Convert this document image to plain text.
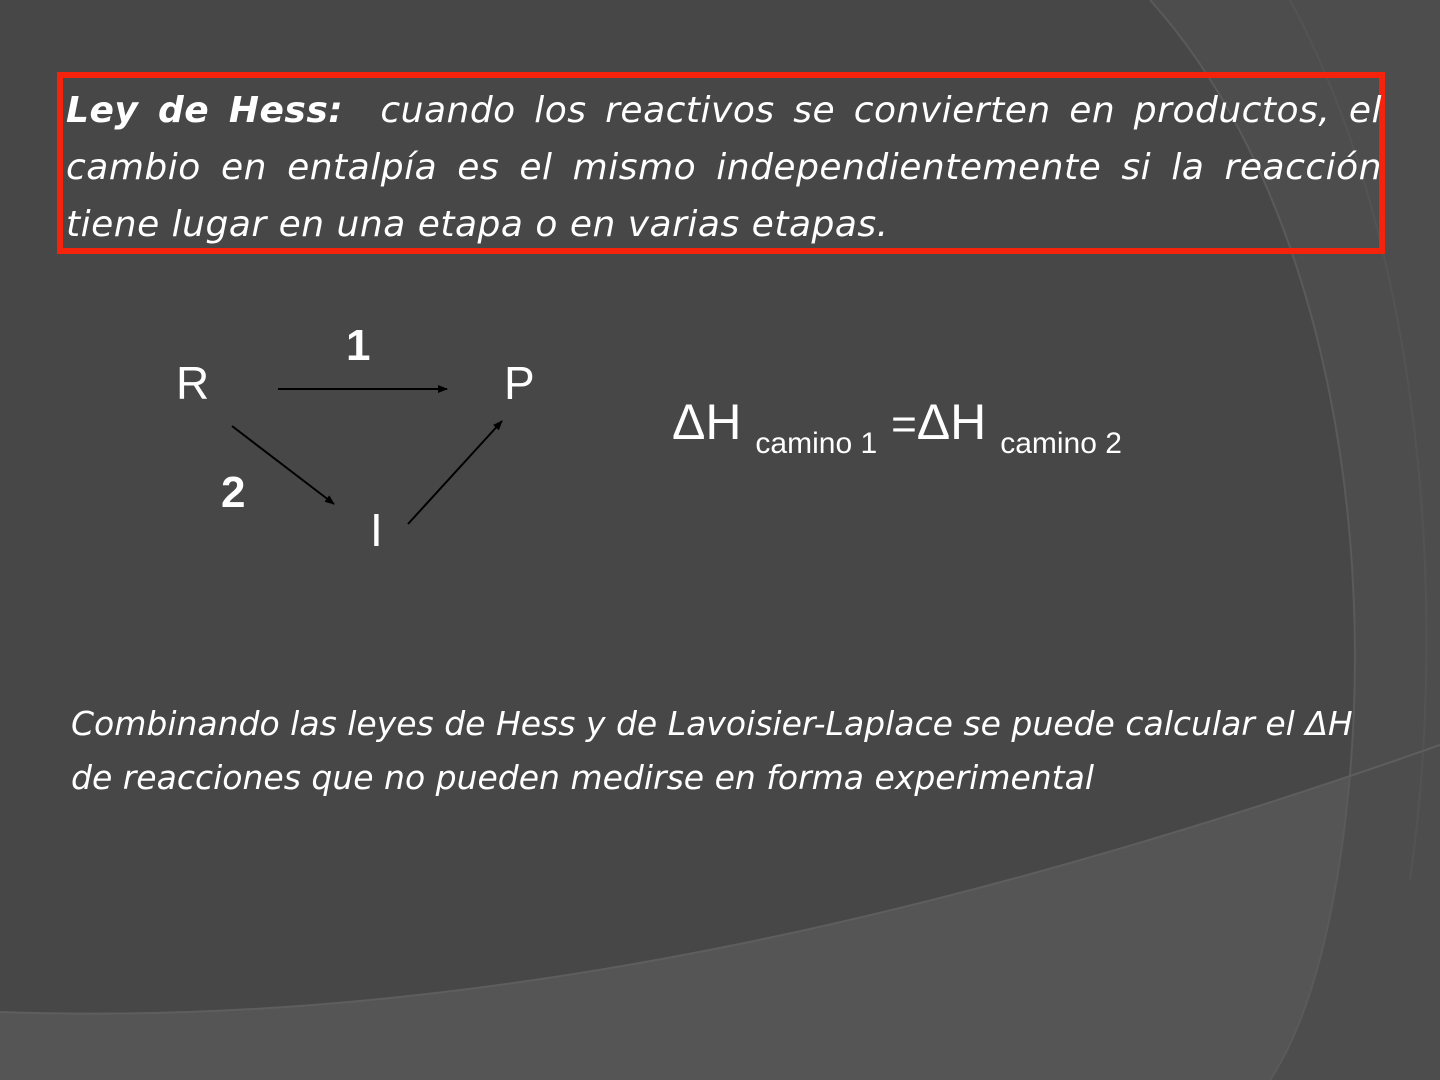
Ley de Hess: cuando los reactivos se convierten en productos, el cambio en entalpía es el mismo independientemente si la reacción tiene lugar en una etapa o en varias etapas.

R	P
I
1
2
ΔH $_{camino 1}$ =ΔH $_{camino 2}$

Combinando las leyes de Hess y de Lavoisier-Laplace se puede calcular el ΔH de reacciones que no pueden medirse en forma experimental
